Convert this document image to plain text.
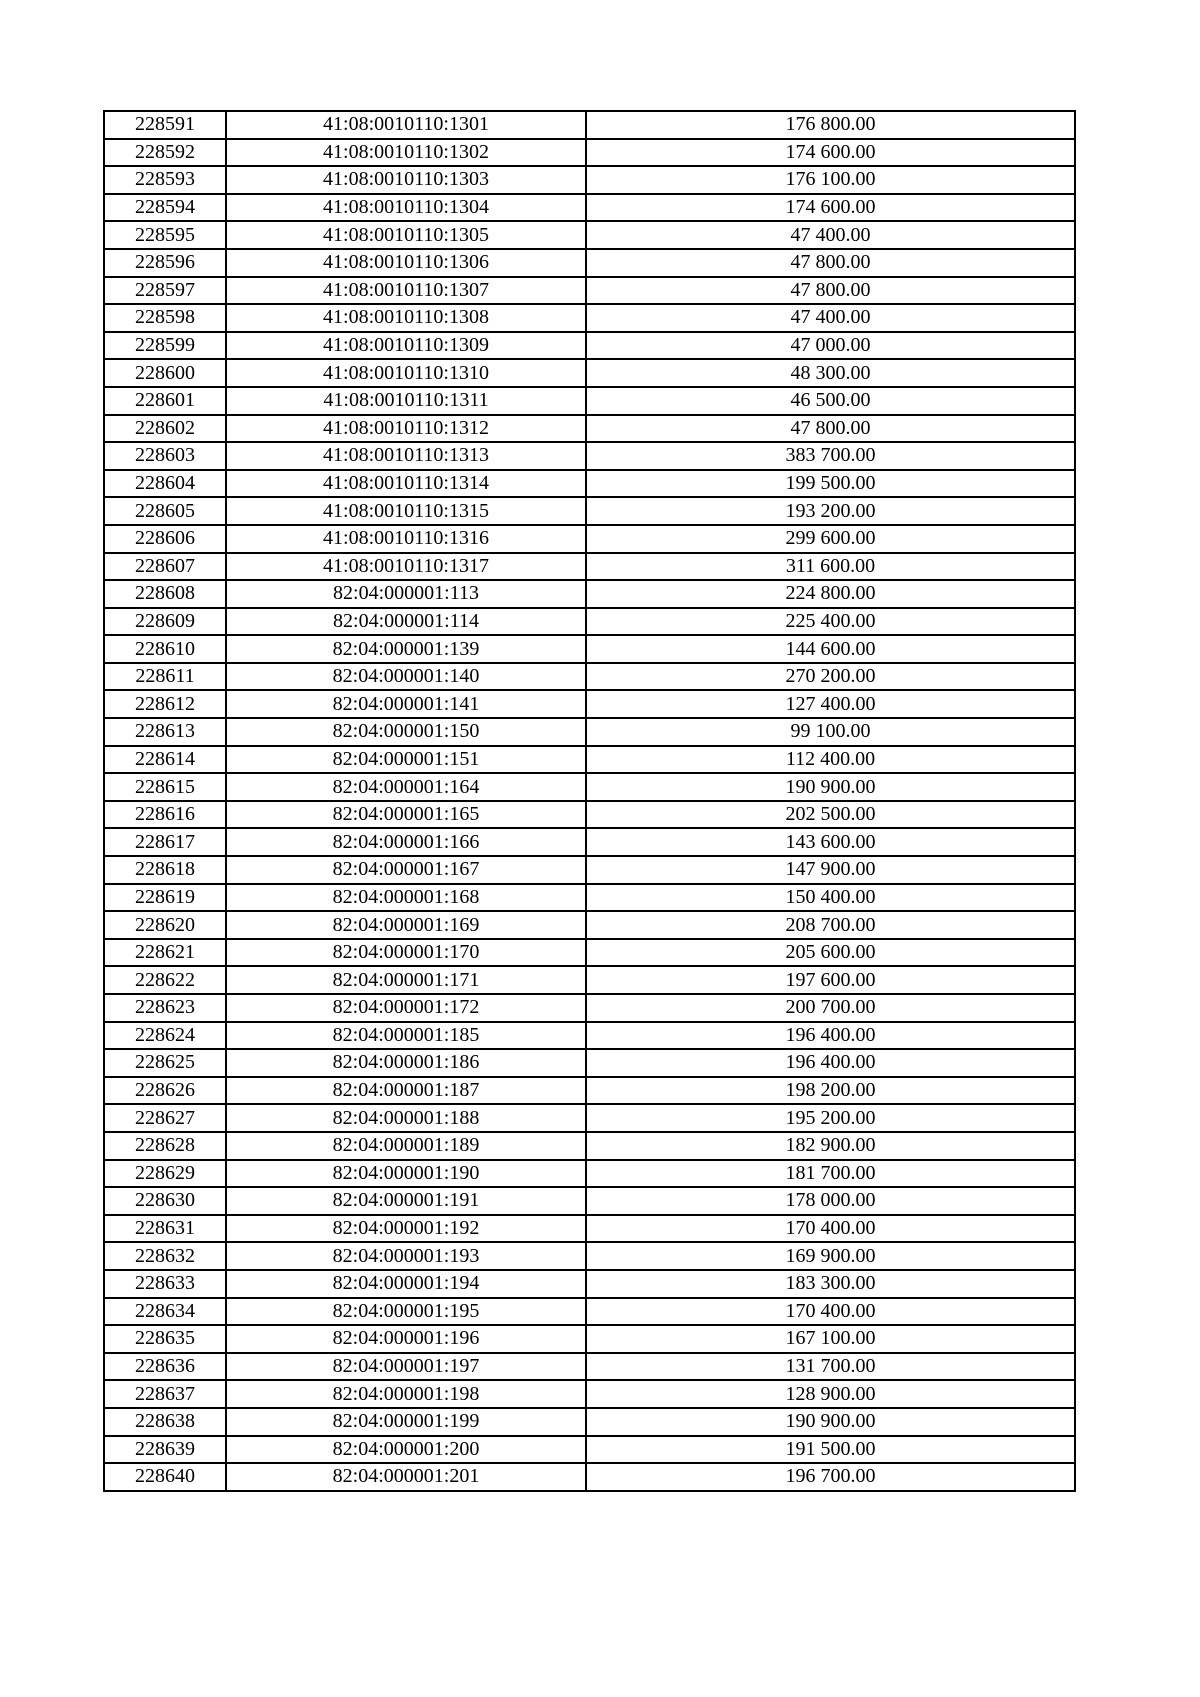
228591	41:08:0010110:1301	176 800.00
228592	41:08:0010110:1302	174 600.00
228593	41:08:0010110:1303	176 100.00
228594	41:08:0010110:1304	174 600.00
228595	41:08:0010110:1305	47 400.00
228596	41:08:0010110:1306	47 800.00
228597	41:08:0010110:1307	47 800.00
228598	41:08:0010110:1308	47 400.00
228599	41:08:0010110:1309	47 000.00
228600	41:08:0010110:1310	48 300.00
228601	41:08:0010110:1311	46 500.00
228602	41:08:0010110:1312	47 800.00
228603	41:08:0010110:1313	383 700.00
228604	41:08:0010110:1314	199 500.00
228605	41:08:0010110:1315	193 200.00
228606	41:08:0010110:1316	299 600.00
228607	41:08:0010110:1317	311 600.00
228608	82:04:000001:113	224 800.00
228609	82:04:000001:114	225 400.00
228610	82:04:000001:139	144 600.00
228611	82:04:000001:140	270 200.00
228612	82:04:000001:141	127 400.00
228613	82:04:000001:150	99 100.00
228614	82:04:000001:151	112 400.00
228615	82:04:000001:164	190 900.00
228616	82:04:000001:165	202 500.00
228617	82:04:000001:166	143 600.00
228618	82:04:000001:167	147 900.00
228619	82:04:000001:168	150 400.00
228620	82:04:000001:169	208 700.00
228621	82:04:000001:170	205 600.00
228622	82:04:000001:171	197 600.00
228623	82:04:000001:172	200 700.00
228624	82:04:000001:185	196 400.00
228625	82:04:000001:186	196 400.00
228626	82:04:000001:187	198 200.00
228627	82:04:000001:188	195 200.00
228628	82:04:000001:189	182 900.00
228629	82:04:000001:190	181 700.00
228630	82:04:000001:191	178 000.00
228631	82:04:000001:192	170 400.00
228632	82:04:000001:193	169 900.00
228633	82:04:000001:194	183 300.00
228634	82:04:000001:195	170 400.00
228635	82:04:000001:196	167 100.00
228636	82:04:000001:197	131 700.00
228637	82:04:000001:198	128 900.00
228638	82:04:000001:199	190 900.00
228639	82:04:000001:200	191 500.00
228640	82:04:000001:201	196 700.00
